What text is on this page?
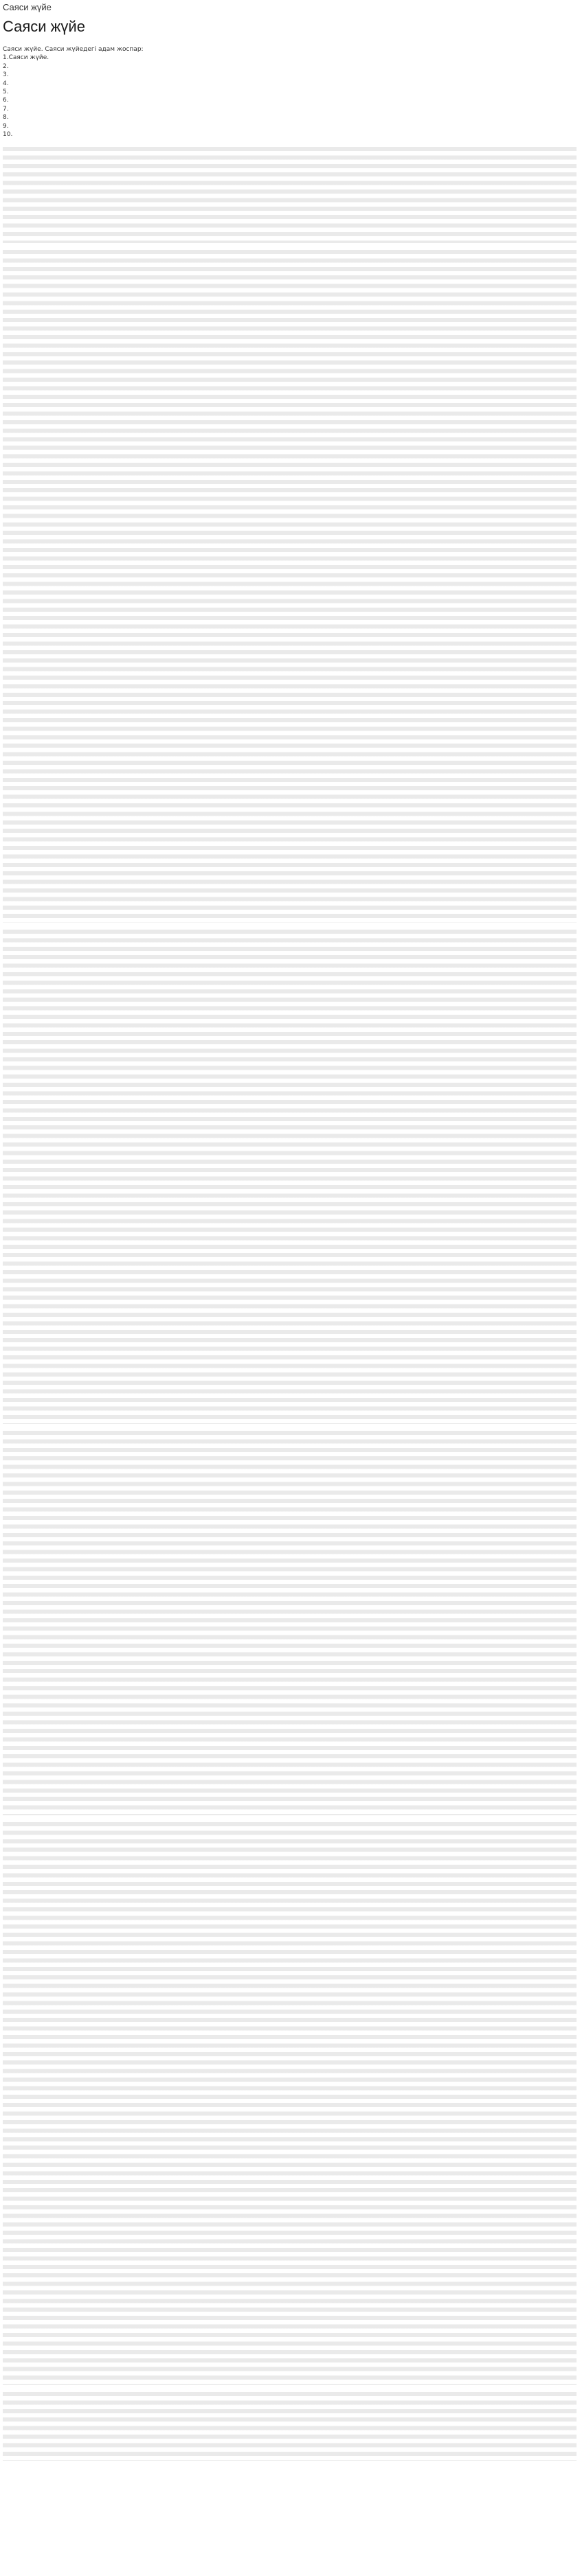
Саяси жүйе
Саяси жүйе

Саяси жүйе. Саяси жүйедегі адам жоспар:

1.Саяси жүйе.
2.
3.
4.
5.
6.
7.
8.
9.
10.
